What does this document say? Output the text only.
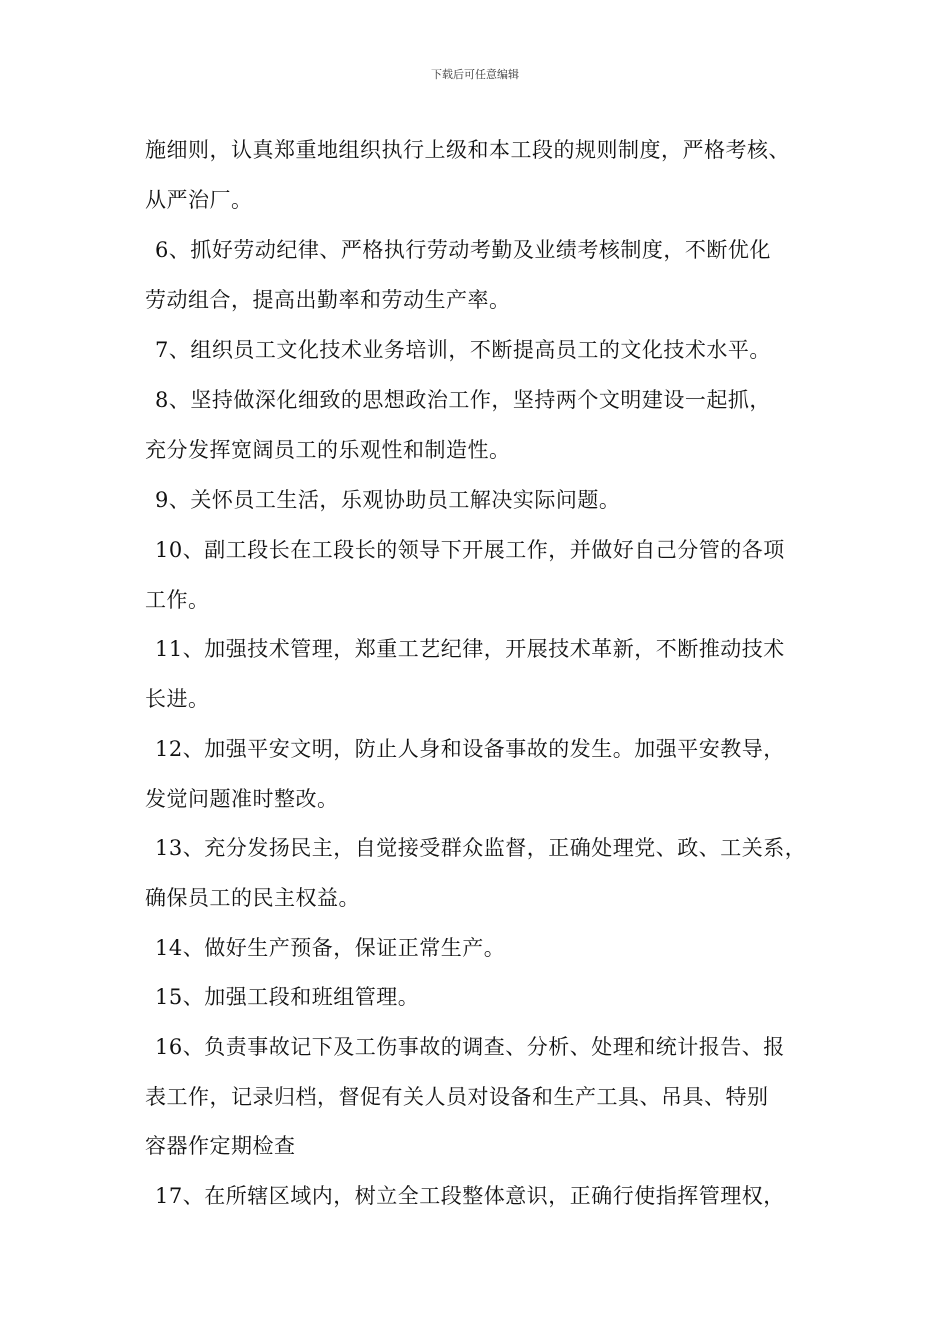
下载后可任意编辑
施细则，认真郑重地组织执行上级和本工段的规则制度，严格考核、
从严治厂。
6、抓好劳动纪律、严格执行劳动考勤及业绩考核制度，不断优化
劳动组合，提高出勤率和劳动生产率。
7、组织员工文化技术业务培训，不断提高员工的文化技术水平。
8、坚持做深化细致的思想政治工作，坚持两个文明建设一起抓，
充分发挥宽阔员工的乐观性和制造性。
9、关怀员工生活，乐观协助员工解决实际问题。
10、副工段长在工段长的领导下开展工作，并做好自己分管的各项
工作。
11、加强技术管理，郑重工艺纪律，开展技术革新，不断推动技术
长进。
12、加强平安文明，防止人身和设备事故的发生。加强平安教导，
发觉问题准时整改。
13、充分发扬民主，自觉接受群众监督，正确处理党、政、工关系，
确保员工的民主权益。
14、做好生产预备，保证正常生产。
15、加强工段和班组管理。
16、负责事故记下及工伤事故的调查、分析、处理和统计报告、报
表工作，记录归档，督促有关人员对设备和生产工具、吊具、特别
容器作定期检查
17、在所辖区域内，树立全工段整体意识，正确行使指挥管理权，
